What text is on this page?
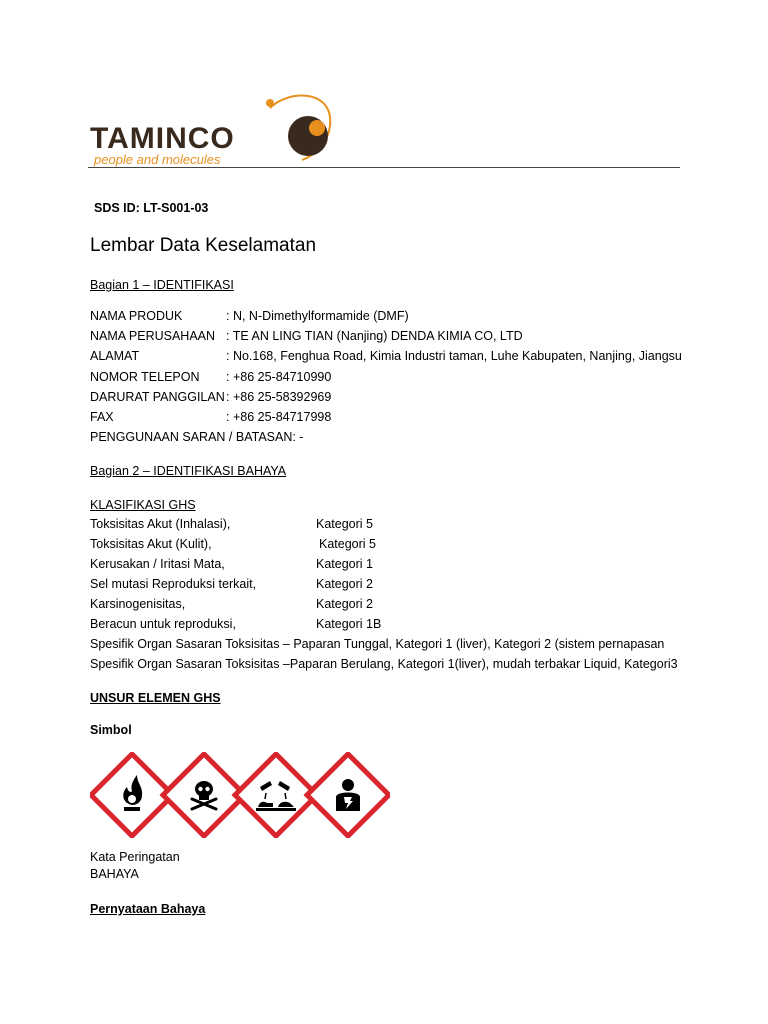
TAMINCO
people and molecules
SDS ID: LT-S001-03
Lembar Data Keselamatan
Bagian 1 – IDENTIFIKASI
NAMA PRODUK	: N, N-Dimethylformamide (DMF)
NAMA PERUSAHAAN : TE AN LING TIAN (Nanjing) DENDA KIMIA CO, LTD
ALAMAT	: No.168, Fenghua Road, Kimia Industri taman, Luhe Kabupaten, Nanjing, Jiangsu
NOMOR TELEPON : +86 25-84710990
DARURAT PANGGILAN : +86 25-58392969
FAX	: +86 25-84717998
PENGGUNAAN SARAN / BATASAN: -
Bagian 2 – IDENTIFIKASI BAHAYA
KLASIFIKASI GHS
Toksisitas Akut (Inhalasi),	Kategori 5
Toksisitas Akut (Kulit),	Kategori 5
Kerusakan / Iritasi Mata,	Kategori 1
Sel mutasi Reproduksi terkait,	Kategori 2
Karsinogenisitas,	Kategori 2
Beracun untuk reproduksi,	Kategori 1B
Spesifik Organ Sasaran Toksisitas – Paparan Tunggal, Kategori 1 (liver), Kategori 2 (sistem pernapasan
Spesifik Organ Sasaran Toksisitas –Paparan Berulang, Kategori 1(liver), mudah terbakar Liquid, Kategori3
UNSUR ELEMEN GHS
Simbol
Kata Peringatan
BAHAYA
Pernyataan Bahaya
